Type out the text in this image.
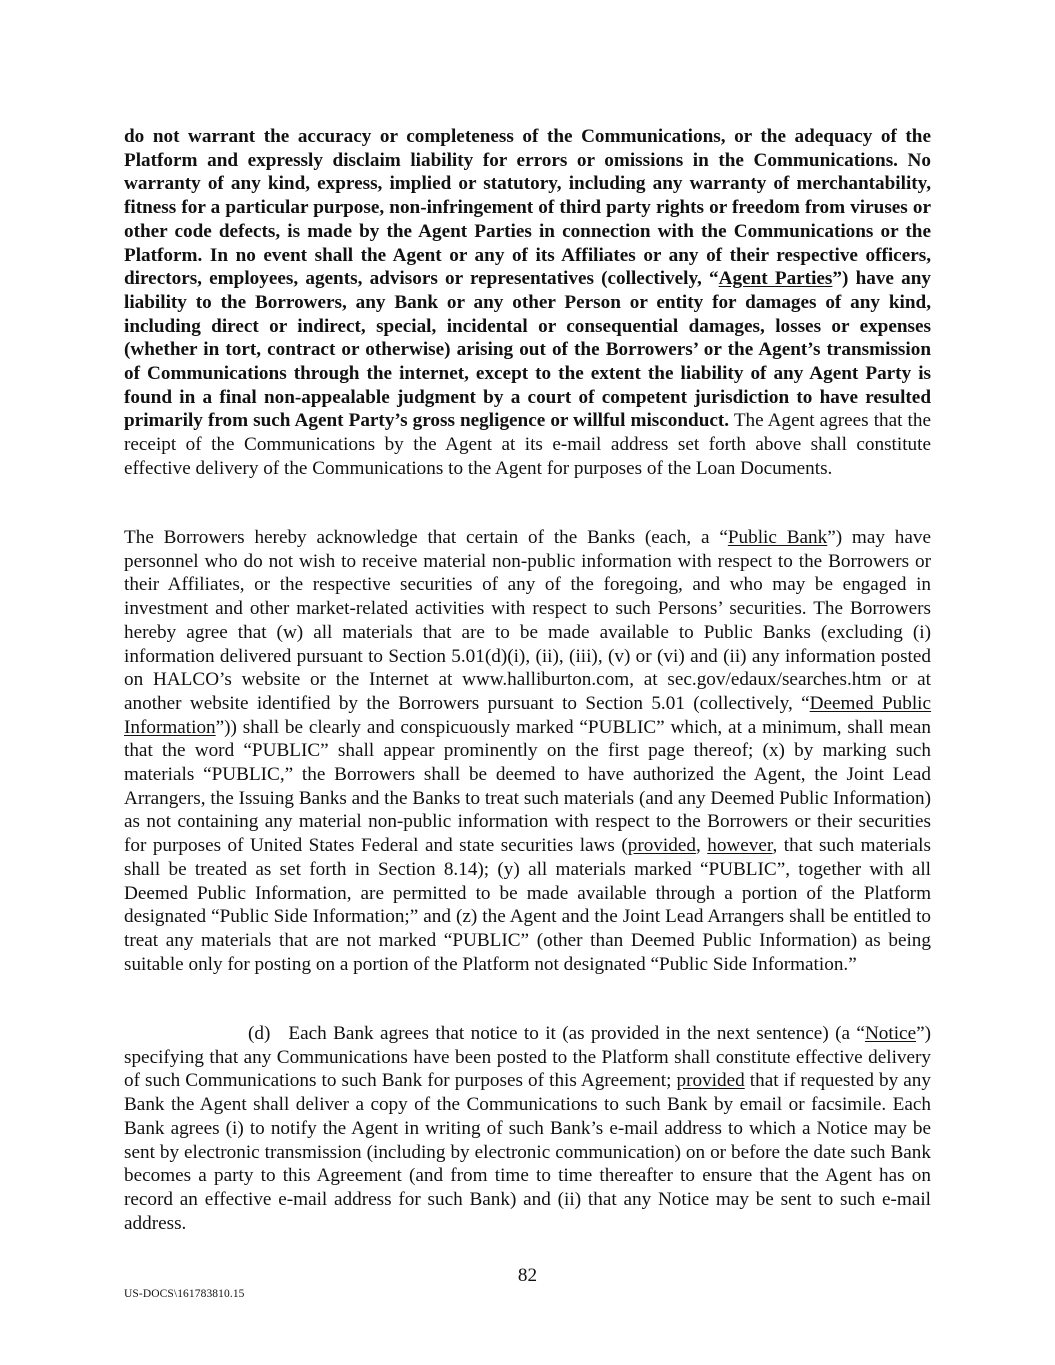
do not warrant the accuracy or completeness of the Communications, or the adequacy of the Platform and expressly disclaim liability for errors or omissions in the Communications. No warranty of any kind, express, implied or statutory, including any warranty of merchantability, fitness for a particular purpose, non-infringement of third party rights or freedom from viruses or other code defects, is made by the Agent Parties in connection with the Communications or the Platform. In no event shall the Agent or any of its Affiliates or any of their respective officers, directors, employees, agents, advisors or representatives (collectively, “Agent Parties”) have any liability to the Borrowers, any Bank or any other Person or entity for damages of any kind, including direct or indirect, special, incidental or consequential damages, losses or expenses (whether in tort, contract or otherwise) arising out of the Borrowers’ or the Agent’s transmission of Communications through the internet, except to the extent the liability of any Agent Party is found in a final non-appealable judgment by a court of competent jurisdiction to have resulted primarily from such Agent Party’s gross negligence or willful misconduct. The Agent agrees that the receipt of the Communications by the Agent at its e-mail address set forth above shall constitute effective delivery of the Communications to the Agent for purposes of the Loan Documents.

The Borrowers hereby acknowledge that certain of the Banks (each, a “Public Bank”) may have personnel who do not wish to receive material non-public information with respect to the Borrowers or their Affiliates, or the respective securities of any of the foregoing, and who may be engaged in investment and other market-related activities with respect to such Persons’ securities. The Borrowers hereby agree that (w) all materials that are to be made available to Public Banks (excluding (i) information delivered pursuant to Section 5.01(d)(i), (ii), (iii), (v) or (vi) and (ii) any information posted on HALCO’s website or the Internet at www.halliburton.com, at sec.gov/edaux/searches.htm or at another website identified by the Borrowers pursuant to Section 5.01 (collectively, “Deemed Public Information”)) shall be clearly and conspicuously marked “PUBLIC” which, at a minimum, shall mean that the word “PUBLIC” shall appear prominently on the first page thereof; (x) by marking such materials “PUBLIC,” the Borrowers shall be deemed to have authorized the Agent, the Joint Lead Arrangers, the Issuing Banks and the Banks to treat such materials (and any Deemed Public Information) as not containing any material non-public information with respect to the Borrowers or their securities for purposes of United States Federal and state securities laws (provided, however, that such materials shall be treated as set forth in Section 8.14); (y) all materials marked “PUBLIC”, together with all Deemed Public Information, are permitted to be made available through a portion of the Platform designated “Public Side Information;” and (z) the Agent and the Joint Lead Arrangers shall be entitled to treat any materials that are not marked “PUBLIC” (other than Deemed Public Information) as being suitable only for posting on a portion of the Platform not designated “Public Side Information.”

(d) Each Bank agrees that notice to it (as provided in the next sentence) (a “Notice”) specifying that any Communications have been posted to the Platform shall constitute effective delivery of such Communications to such Bank for purposes of this Agreement; provided that if requested by any Bank the Agent shall deliver a copy of the Communications to such Bank by email or facsimile. Each Bank agrees (i) to notify the Agent in writing of such Bank’s e-mail address to which a Notice may be sent by electronic transmission (including by electronic communication) on or before the date such Bank becomes a party to this Agreement (and from time to time thereafter to ensure that the Agent has on record an effective e-mail address for such Bank) and (ii) that any Notice may be sent to such e-mail address.

82
US-DOCS\161783810.15
